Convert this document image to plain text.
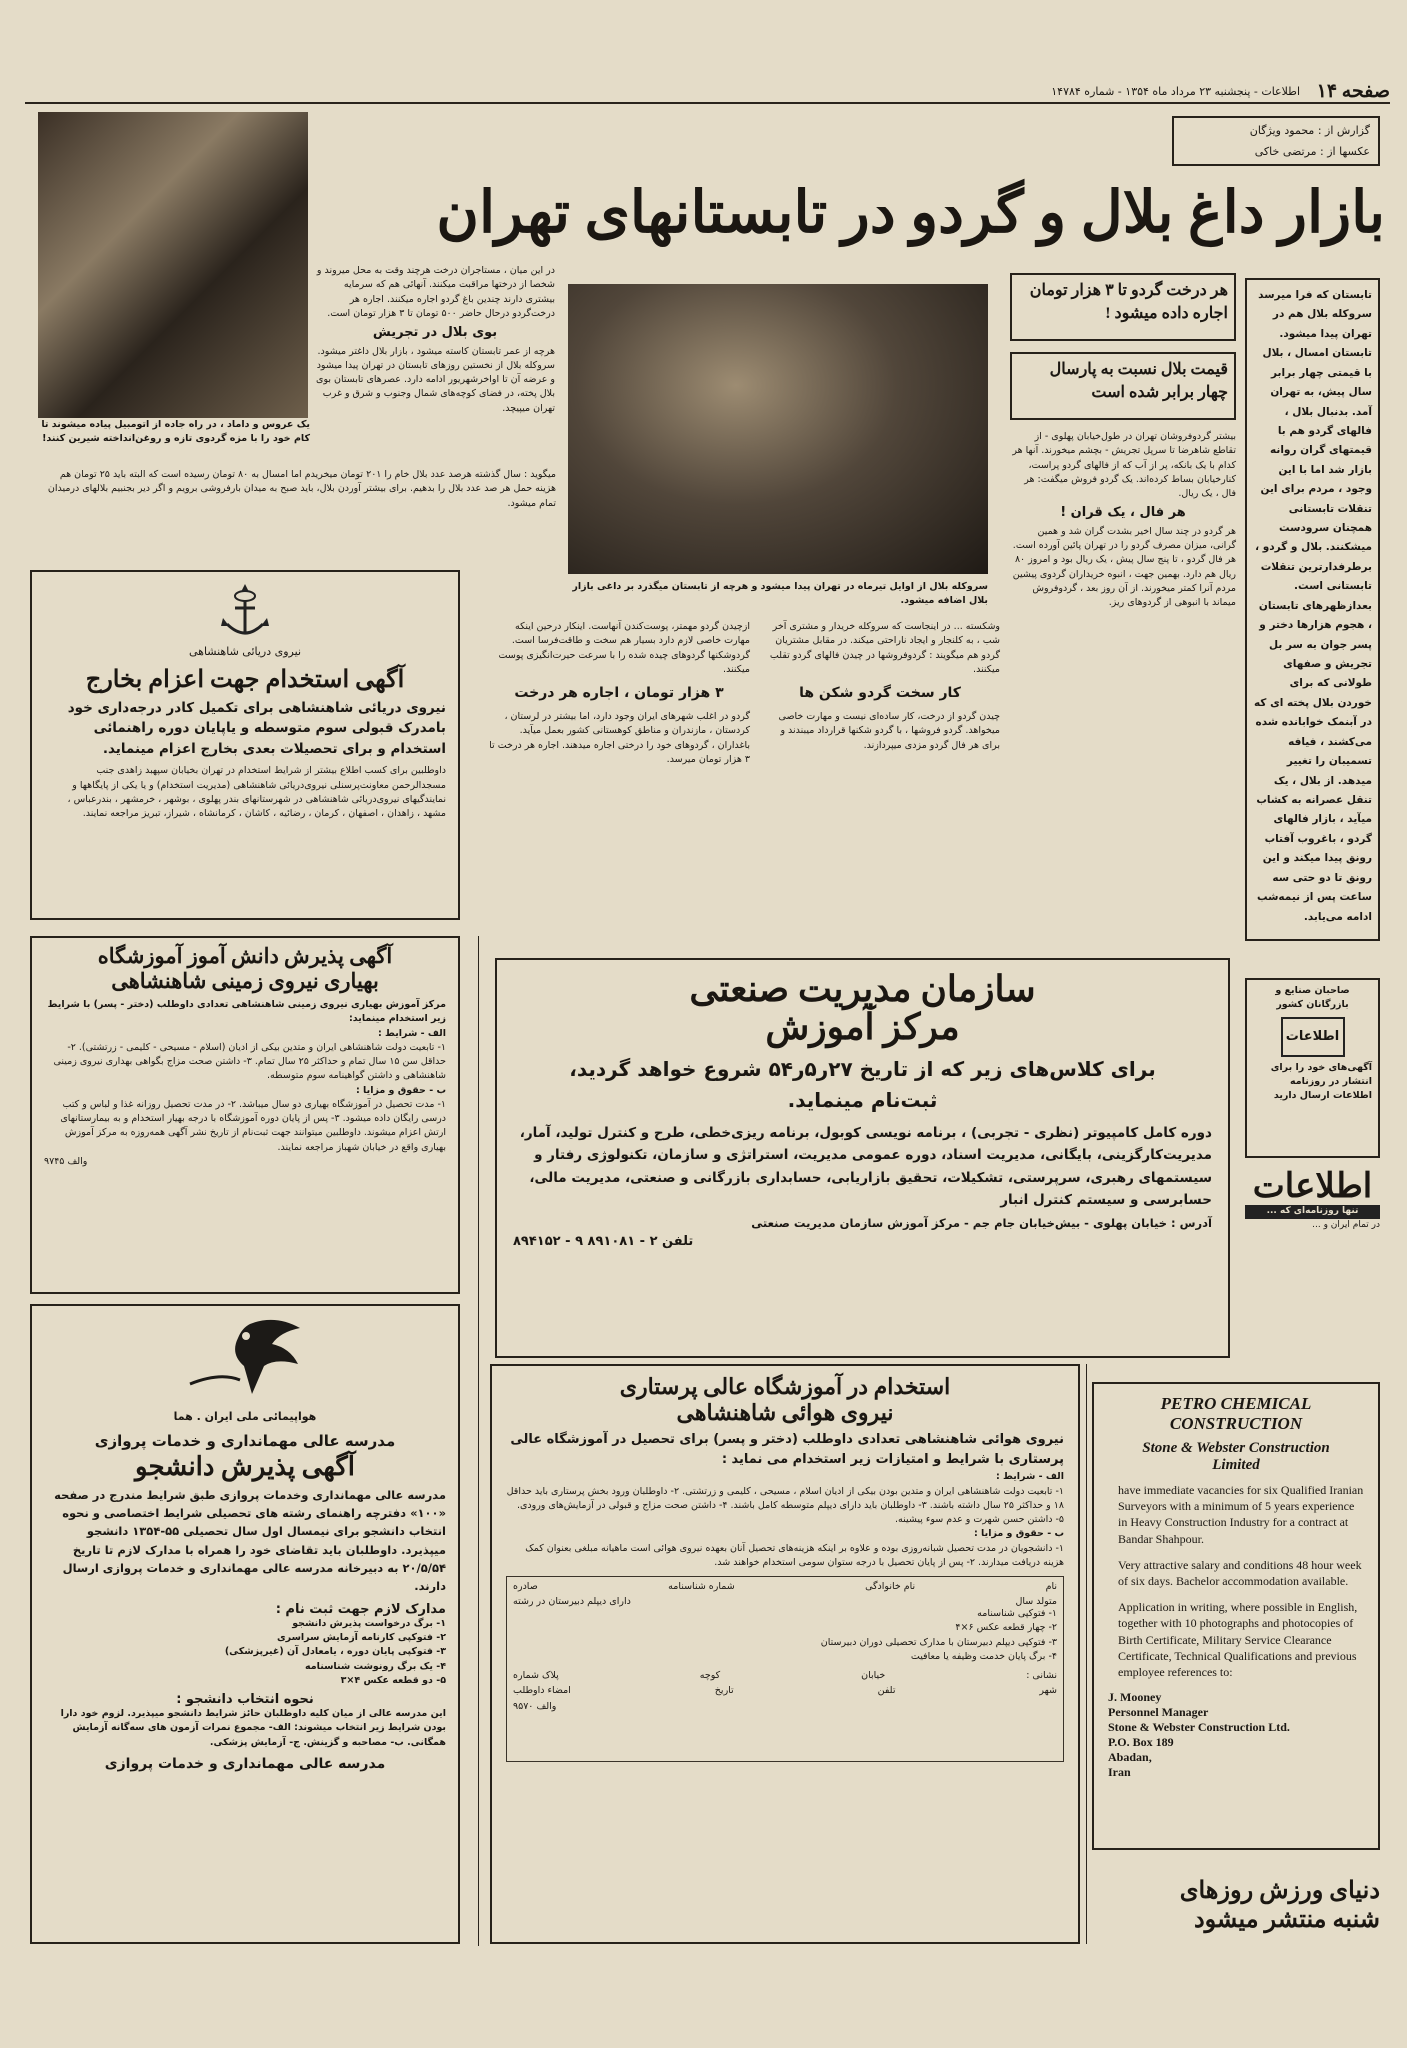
صفحه ۱۴
اطلاعات - پنجشنبه ۲۳ مرداد ماه ۱۳۵۴ - شماره ۱۴۷۸۴
گزارش از : محمود ویژگان
عکسها از : مرتضی خاکی
بازار داغ بلال و گردو در تابستانهای تهران
یک عروس و داماد ، در راه جاده از اتومبیل پیاده میشوند تا کام خود را با مزه گردوی تازه و روغن‌انداخته شیرین کنند!

در این میان ، مستاجران درخت هرچند وقت به محل میروند و شخصا از درختها مراقبت میکنند. آنهائی هم که سرمایه بیشتری دارند چندین باغ گردو اجاره میکنند. اجاره هر درخت‌گردو درحال حاضر ۵۰۰ تومان تا ۳ هزار تومان است.

بوی بلال در تجریش

هرچه از عمر تابستان کاسته میشود ، بازار بلال داغتر میشود. سروکله بلال از نخستین روزهای تابستان در تهران پیدا میشود و عرضه آن تا اواخرشهریور ادامه دارد. عصرهای تابستان بوی بلال پخته، در فضای کوچه‌های شمال وجنوب و شرق و غرب تهران میپیچد.

میگوید : سال گذشته هرصد عدد بلال خام را ۲۰۱ تومان میخریدم اما امسال به ۸۰ تومان رسیده است که البته باید ۲۵ تومان هم هزینه حمل هر صد عدد بلال را بدهیم. برای بیشتر آوردن بلال، باید صبح به میدان بارفروشی برویم و اگر دیر بجنبیم بلالهای درمیدان تمام میشود.
سروکله بلال از اوایل تیرماه در تهران پیدا میشود و هرچه از تابستان میگذرد بر داغی بازار بلال اضافه میشود.
هر درخت گردو تا ۳ هزار تومان اجاره داده میشود !
قیمت بلال نسبت به پارسال چهار برابر شده است
تابستان که فرا میرسد سروکله بلال هم در تهران پیدا میشود. تابستان امسال ، بلال با قیمتی چهار برابر سال پیش، به تهران آمد. بدنبال بلال ، فالهای گردو هم با قیمتهای گران روانه بازار شد اما با این وجود ، مردم برای این تنقلات تابستانی همچنان سرودست میشکنند. بلال و گردو ، برطرفدارترین تنقلات تابستانی است. بعدازظهرهای تابستان ، هجوم هزارها دختر و پسر جوان به سر بل تجریش و صفهای طولانی که برای خوردن بلال پخته ای که در آبنمک خوابانده شده می‌کشند ، فیافه تسمیبان را تغییر میدهد. از بلال ، یک تنقل عصرانه به کشاب میآید ، بازار فالهای گردو ، باغروب آفتاب رونق پیدا میکند و این رونق تا دو حتی سه ساعت پس از نیمه‌شب ادامه می‌یابد.

بیشتر گردوفروشان تهران در طول‌خیابان پهلوی - از تقاطع شاهرضا تا سرپل تجریش - بچشم میخورند. آنها هر کدام با یک بانکه، پر از آب که از فالهای گردو پراست، کنارخیابان بساط کرده‌اند. یک گردو فروش میگفت: هر فال ، یک ریال.

هر فال ، یک قران !

هر گردو در چند سال اخیر بشدت گران شد و همین گرانی، میزان مصرف گردو را در تهران پائین آورده است. هر فال گردو ، تا پنج سال پیش ، یک ریال بود و امروز ۸۰ ریال هم دارد. بهمین جهت ، انبوه خریداران گردوی پیشین مردم آنرا کمتر میخورند. از آن روز بعد ، گردوفروش میماند با انبوهی از گردوهای ریز.

وشکسته ... در اینجاست که سروکله خریدار و مشتری آخر شب ، به کلنجار و ایجاد ناراحتی میکند. در مقابل مشتریان گردو هم میگویند : گردوفروشها در چیدن فالهای گردو تقلب میکنند.

کار سخت گردو شکن ها

چیدن گردو از درخت، کار ساده‌ای نیست و مهارت خاصی میخواهد. گردو فروشها ، با گردو شکنها قرارداد میبندند و برای هر فال گردو مزدی میپردازند.

ازچیدن گردو مهمتر، پوست‌کندن آنهاست. اینکار درحین اینکه مهارت خاصی لازم دارد بسیار هم سخت و طاقت‌فرسا است. گردوشکنها گردوهای چیده شده را با سرعت حیرت‌انگیزی پوست میکنند.

۳ هزار تومان ، اجاره هر درخت

گردو در اغلب شهرهای ایران وجود دارد، اما بیشتر در لرستان ، کردستان ، مازندران و مناطق کوهستانی کشور بعمل میآید. باغداران ، گردوهای خود را درختی اجاره میدهند. اجاره هر درخت تا ۳ هزار تومان میرسد.

نیروی دریائی شاهنشاهی
آگهی استخدام جهت اعزام بخارج
نیروی دریائی شاهنشاهی برای تکمیل کادر درجه‌داری خود بامدرک قبولی سوم متوسطه و یاپایان دوره راهنمائی استخدام و برای تحصیلات بعدی بخارج اعزام مینماید.
داوطلبین برای کسب اطلاع بیشتر از شرایط استخدام در تهران بخیابان سپهبد زاهدی جنب مسجدالرحمن معاونت‌پرسنلی نیروی‌دریائی شاهنشاهی (مدیریت استخدام) و یا یکی از پایگاهها و نمایندگیهای نیروی‌دریائی شاهنشاهی در شهرستانهای بندر پهلوی ، بوشهر ، خرمشهر ، بندرعباس ، مشهد ، زاهدان ، اصفهان ، کرمان ، رضائیه ، کاشان ، کرمانشاه ، شیراز، تبریز مراجعه نمایند.
آگهی پذیرش دانش آموز آموزشگاه
بهیاری نیروی زمینی شاهنشاهی
مرکز آموزش بهیاری نیروی زمینی شاهنشاهی تعدادی داوطلب (دختر - پسر) با شرایط زیر استخدام مینماید:
الف - شرایط :
۱- تابعیت دولت شاهنشاهی ایران و متدین بیکی از ادیان (اسلام - مسیحی - کلیمی - زرتشتی). ۲- حداقل سن ۱۵ سال تمام و حداکثر ۲۵ سال تمام. ۳- داشتن صحت مزاج بگواهی بهداری نیروی زمینی شاهنشاهی و داشتن گواهینامه سوم متوسطه.
ب - حقوق و مزایا :
۱- مدت تحصیل در آموزشگاه بهیاری دو سال میباشد. ۲- در مدت تحصیل روزانه غذا و لباس و کتب درسی رایگان داده میشود. ۳- پس از پایان دوره آموزشگاه با درجه بهیار استخدام و به بیمارستانهای ارتش اعزام میشوند. داوطلبین میتوانند جهت ثبت‌نام از تاریخ نشر آگهی همه‌روزه به مرکز آموزش بهیاری واقع در خیابان شهباز مراجعه نمایند.
والف ۹۷۴۵
هواپیمائی ملی ایران . هما
مدرسه عالی مهمانداری و خدمات پروازی
آگهی پذیرش دانشجو
مدرسه عالی مهمانداری وخدمات پروازی طبق شرایط مندرج در صفحه «۱۰۰» دفترچه راهنمای رشته های تحصیلی شرایط اختصاصی و نحوه انتخاب دانشجو برای نیمسال اول سال تحصیلی ۵۵-۱۳۵۴ دانشجو میپذیرد. داوطلبان باید تقاضای خود را همراه با مدارک لازم تا تاریخ ۲۰/۵/۵۴ به دبیرخانه مدرسه عالی مهمانداری و خدمات پروازی ارسال دارند.
مدارک لازم جهت ثبت نام :
۱- برگ درخواست پذیرش دانشجو
۲- فتوکپی کارنامه آزمایش سراسری
۳- فتوکپی پایان دوره ، یامعادل‌ آن (غیرپزشکی)
۴- یک برگ رونوشت شناسنامه
۵- دو قطعه عکس ۴×۳
نحوه انتخاب دانشجو :
این مدرسه عالی از میان کلیه داوطلبان حائز شرایط دانشجو میپذیرد. لزوم خود دارا بودن شرایط زیر انتخاب میشوند: الف- مجموع نمرات آزمون های سه‌گانه آزمایش همگانی. ب- مصاحبه و گزینش. ج- آزمایش پزشکی.
مدرسه عالی مهمانداری و خدمات پروازی
سازمان مدیریت صنعتی
مرکز آموزش
برای کلاس‌های زیر که از تاریخ ۲۷ر۵ر۵۴ شروع خواهد گردید، ثبت‌نام مینماید.
دوره کامل کامپیوتر (نظری - تجربی) ، برنامه نویسی کوبول، برنامه ریزی‌خطی، طرح و کنترل تولید، آمار، مدیریت‌کارگزینی، بایگانی، مدیریت اسناد، دوره عمومی مدیریت، استراتژی و سازمان، تکنولوژی رفتار و سیستمهای رهبری، سرپرستی، تشکیلات، تحقیق بازاریابی، حسابداری بازرگانی و صنعتی، مدیریت مالی، حسابرسی و سیستم کنترل انبار
آدرس : خیابان پهلوی - بیش‌خیابان جام جم - مرکز آموزش سازمان مدیریت صنعتی
تلفن ۲ - ۸۹۱۰۸۱ ۹ - ۸۹۴۱۵۲
استخدام در آموزشگاه عالی پرستاری
نیروی هوائی شاهنشاهی
نیروی هوائی شاهنشاهی تعدادی داوطلب (دختر و پسر) برای تحصیل در آموزشگاه عالی پرستاری با شرایط و امتیازات زیر استخدام می نماید :
الف - شرایط :
۱- تابعیت دولت شاهنشاهی ایران و متدین بودن بیکی از ادیان اسلام ، مسیحی ، کلیمی و زرتشتی. ۲- داوطلبان ورود بخش پرستاری باید حداقل ۱۸ و حداکثر ۲۵ سال داشته باشند. ۳- داوطلبان باید دارای دیپلم متوسطه کامل باشند. ۴- داشتن صحت مزاج و قبولی در آزمایش‌های ورودی. ۵- داشتن حسن شهرت و عدم سوء پیشینه.
ب - حقوق و مزایا :
۱- دانشجویان در مدت تحصیل شبانه‌روزی بوده و علاوه بر اینکه هزینه‌های تحصیل آنان بعهده نیروی هوائی است ماهیانه مبلغی بعنوان کمک هزینه دریافت میدارند. ۲- پس از پایان تحصیل با درجه ستوان سومی استخدام خواهند شد.
نام
نام خانوادگی
شماره شناسنامه
صادره
متولد سال
دارای دیپلم دبیرستان در رشته
۱- فتوکپی شناسنامه
۲- چهار قطعه عکس ۶×۴
۳- فتوکپی دیپلم دبیرستان با مدارک تحصیلی دوران دبیرستان
۴- برگ پایان خدمت وظیفه یا معافیت
نشانی :
خیابان
کوچه
پلاک شماره
شهر
تلفن
تاریخ
امضاء داوطلب
والف ۹۵۷۰
صاحبان صنایع و بازرگانان کشور
اطلاعات
آگهی‌های خود را برای انتشار در روزنامه اطلاعات ارسال دارید
اطلاعات
تنها روزنامه‌ای که ...
در تمام ایران و ...
PETRO CHEMICAL
CONSTRUCTION
Stone & Webster Construction
Limited
have immediate vacancies for six Qualified Iranian Surveyors with a minimum of 5 years experience in Heavy Construction Industry for a contract at Bandar Shahpour.
Very attractive salary and conditions 48 hour week of six days. Bachelor accommodation available.
Application in writing, where possible in English, together with 10 photographs and photocopies of Birth Certificate, Military Service Clearance Certificate, Technical Qualifications and previous employee references to:
J. Mooney
Personnel Manager
Stone & Webster Construction Ltd.
P.O. Box 189
Abadan,
Iran
دنیای ورزش روزهای
شنبه منتشر میشود
